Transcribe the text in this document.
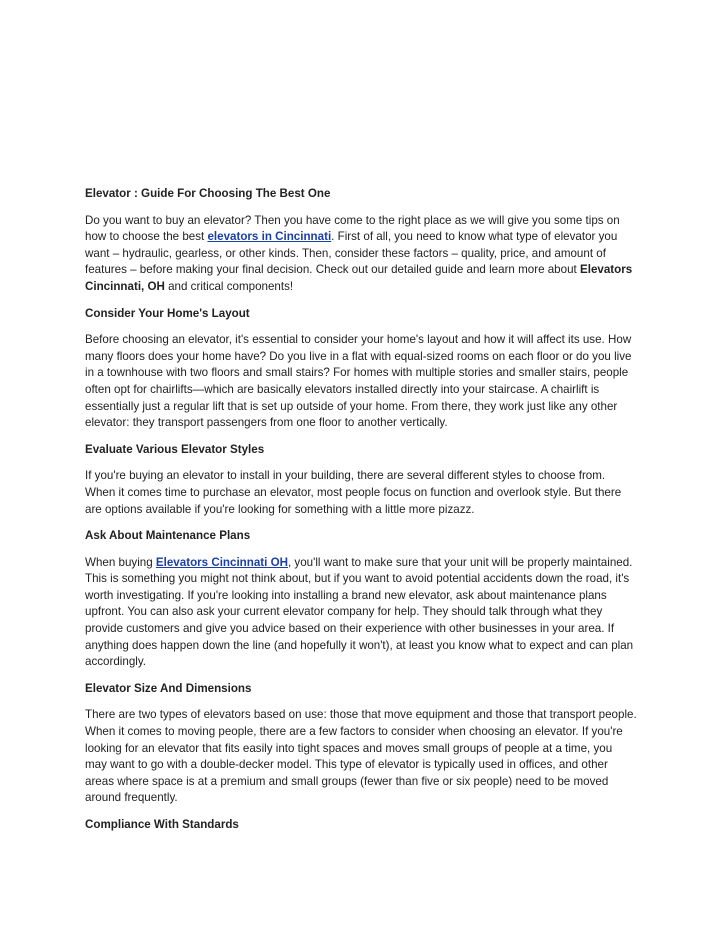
Elevator : Guide For Choosing The Best One
Do you want to buy an elevator? Then you have come to the right place as we will give you some tips on how to choose the best elevators in Cincinnati. First of all, you need to know what type of elevator you want – hydraulic, gearless, or other kinds. Then, consider these factors – quality, price, and amount of features – before making your final decision. Check out our detailed guide and learn more about Elevators Cincinnati, OH and critical components!
Consider Your Home's Layout
Before choosing an elevator, it's essential to consider your home's layout and how it will affect its use. How many floors does your home have? Do you live in a flat with equal-sized rooms on each floor or do you live in a townhouse with two floors and small stairs? For homes with multiple stories and smaller stairs, people often opt for chairlifts—which are basically elevators installed directly into your staircase. A chairlift is essentially just a regular lift that is set up outside of your home. From there, they work just like any other elevator: they transport passengers from one floor to another vertically.
Evaluate Various Elevator Styles
If you're buying an elevator to install in your building, there are several different styles to choose from. When it comes time to purchase an elevator, most people focus on function and overlook style. But there are options available if you're looking for something with a little more pizazz.
Ask About Maintenance Plans
When buying Elevators Cincinnati OH, you'll want to make sure that your unit will be properly maintained. This is something you might not think about, but if you want to avoid potential accidents down the road, it's worth investigating. If you're looking into installing a brand new elevator, ask about maintenance plans upfront. You can also ask your current elevator company for help. They should talk through what they provide customers and give you advice based on their experience with other businesses in your area. If anything does happen down the line (and hopefully it won't), at least you know what to expect and can plan accordingly.
Elevator Size And Dimensions
There are two types of elevators based on use: those that move equipment and those that transport people. When it comes to moving people, there are a few factors to consider when choosing an elevator. If you're looking for an elevator that fits easily into tight spaces and moves small groups of people at a time, you may want to go with a double-decker model. This type of elevator is typically used in offices, and other areas where space is at a premium and small groups (fewer than five or six people) need to be moved around frequently.
Compliance With Standards
